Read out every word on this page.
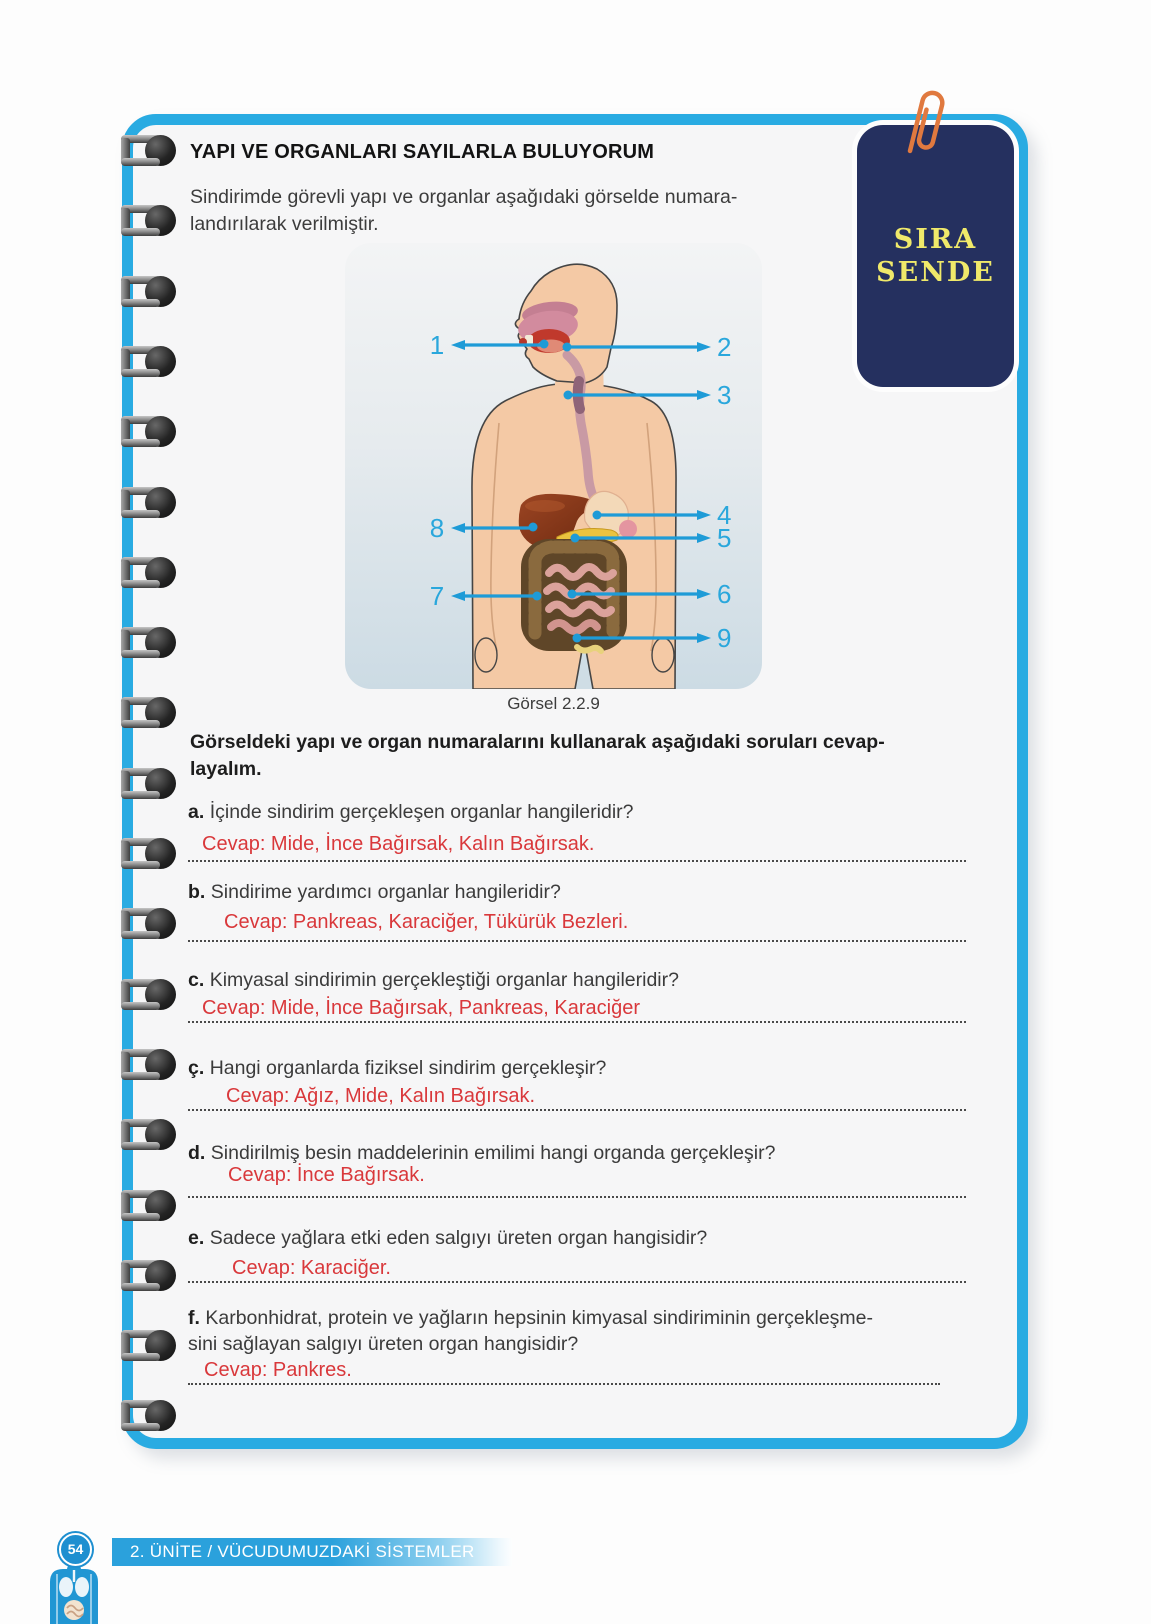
YAPI VE ORGANLARI SAYILARLA BULUYORUM
Sindirimde görevli yapı ve organlar aşağıdaki görselde numara-
landırılarak verilmiştir.	SIRA
SENDE
1	2
3
4
5
6
7
8
9
Görsel 2.2.9
Görseldeki yapı ve organ numaralarını kullanarak aşağıdaki soruları cevap-
layalım.
a. İçinde sindirim gerçekleşen organlar hangileridir?
Cevap: Mide, İnce Bağırsak, Kalın Bağırsak.
b. Sindirime yardımcı organlar hangileridir?
Cevap: Pankreas, Karaciğer, Tükürük Bezleri.
c. Kimyasal sindirimin gerçekleştiği organlar hangileridir?
Cevap: Mide, İnce Bağırsak, Pankreas, Karaciğer
ç. Hangi organlarda fiziksel sindirim gerçekleşir?
Cevap: Ağız, Mide, Kalın Bağırsak.
d. Sindirilmiş besin maddelerinin emilimi hangi organda gerçekleşir?
Cevap: İnce Bağırsak.
e. Sadece yağlara etki eden salgıyı üreten organ hangisidir?
Cevap: Karaciğer.
f. Karbonhidrat, protein ve yağların hepsinin kimyasal sindiriminin gerçekleşme-
sini sağlayan salgıyı üreten organ hangisidir?
Cevap: Pankres.
54	2. ÜNİTE / VÜCUDUMUZDAKİ SİSTEMLER
